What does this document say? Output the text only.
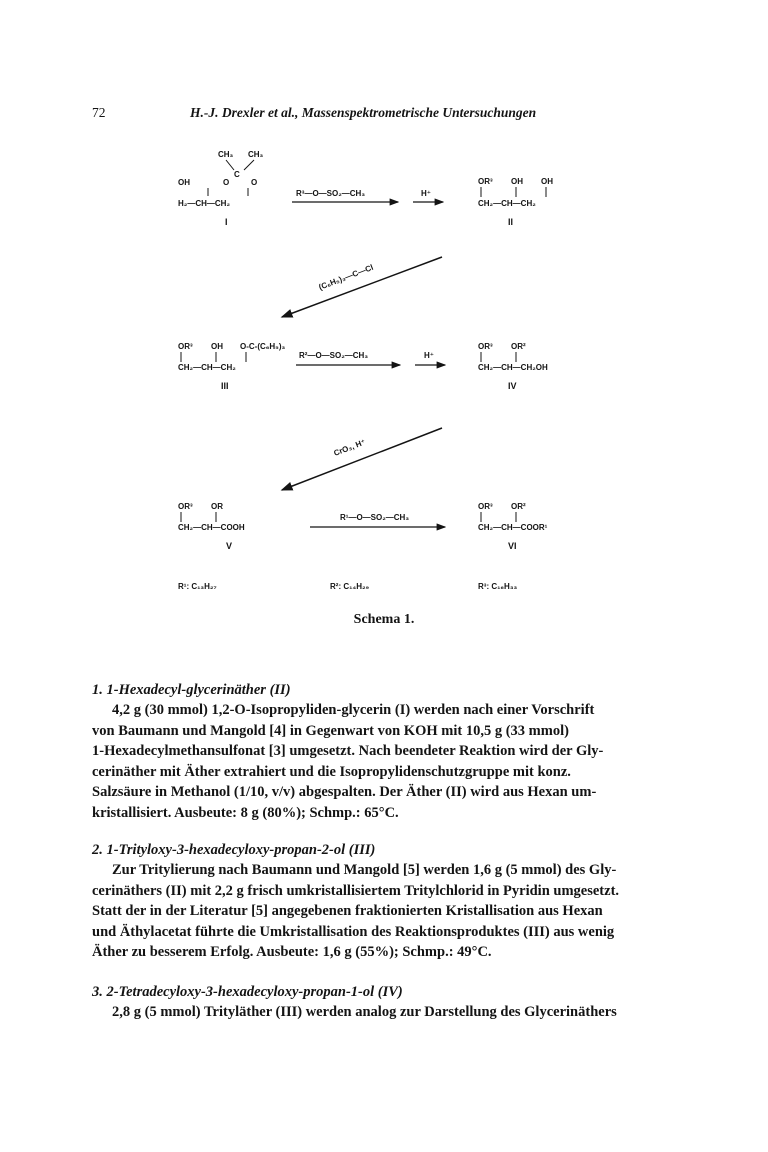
72	H.-J. Drexler et al., Massenspektrometrische Untersuchungen
CH₃ CH₃
C
OH	O	O
H₂—CH—CH₂
I
R³—O—SO₂—CH₃	H⁺
OR³ OH OH
CH₂—CH—CH₂
II
(C₆H₅)₃—C—Cl
OR³ OH O-C-(C₆H₅)₃
CH₂—CH—CH₂
III
R²—O—SO₂—CH₃	H⁺
OR³ OR²
CH₂—CH—CH₂OH
IV
CrO₃, H⁺
OR³ OR
CH₂—CH—COOH
V
R¹—O—SO₂—CH₃
OR³ OR²
CH₂—CH—COOR¹
VI
R¹: C₁₃H₂₇	R²: C₁₄H₂₉	R³: C₁₆H₃₃
Schema 1.
1. 1-Hexadecyl-glycerinäther (II)
4,2 g (30 mmol) 1,2-O-Isopropyliden-glycerin (I) werden nach einer Vorschrift
von Baumann und Mangold [4] in Gegenwart von KOH mit 10,5 g (33 mmol)
1-Hexadecylmethansulfonat [3] umgesetzt. Nach beendeter Reaktion wird der Gly-
cerinäther mit Äther extrahiert und die Isopropylidenschutzgruppe mit konz.
Salzsäure in Methanol (1/10, v/v) abgespalten. Der Äther (II) wird aus Hexan um-
kristallisiert. Ausbeute: 8 g (80%); Schmp.: 65°C.
2. 1-Trityloxy-3-hexadecyloxy-propan-2-ol (III)
Zur Tritylierung nach Baumann und Mangold [5] werden 1,6 g (5 mmol) des Gly-
cerinäthers (II) mit 2,2 g frisch umkristallisiertem Tritylchlorid in Pyridin umgesetzt.
Statt der in der Literatur [5] angegebenen fraktionierten Kristallisation aus Hexan
und Äthylacetat führte die Umkristallisation des Reaktionsproduktes (III) aus wenig
Äther zu besserem Erfolg. Ausbeute: 1,6 g (55%); Schmp.: 49°C.
3. 2-Tetradecyloxy-3-hexadecyloxy-propan-1-ol (IV)
2,8 g (5 mmol) Trityläther (III) werden analog zur Darstellung des Glycerinäthers
